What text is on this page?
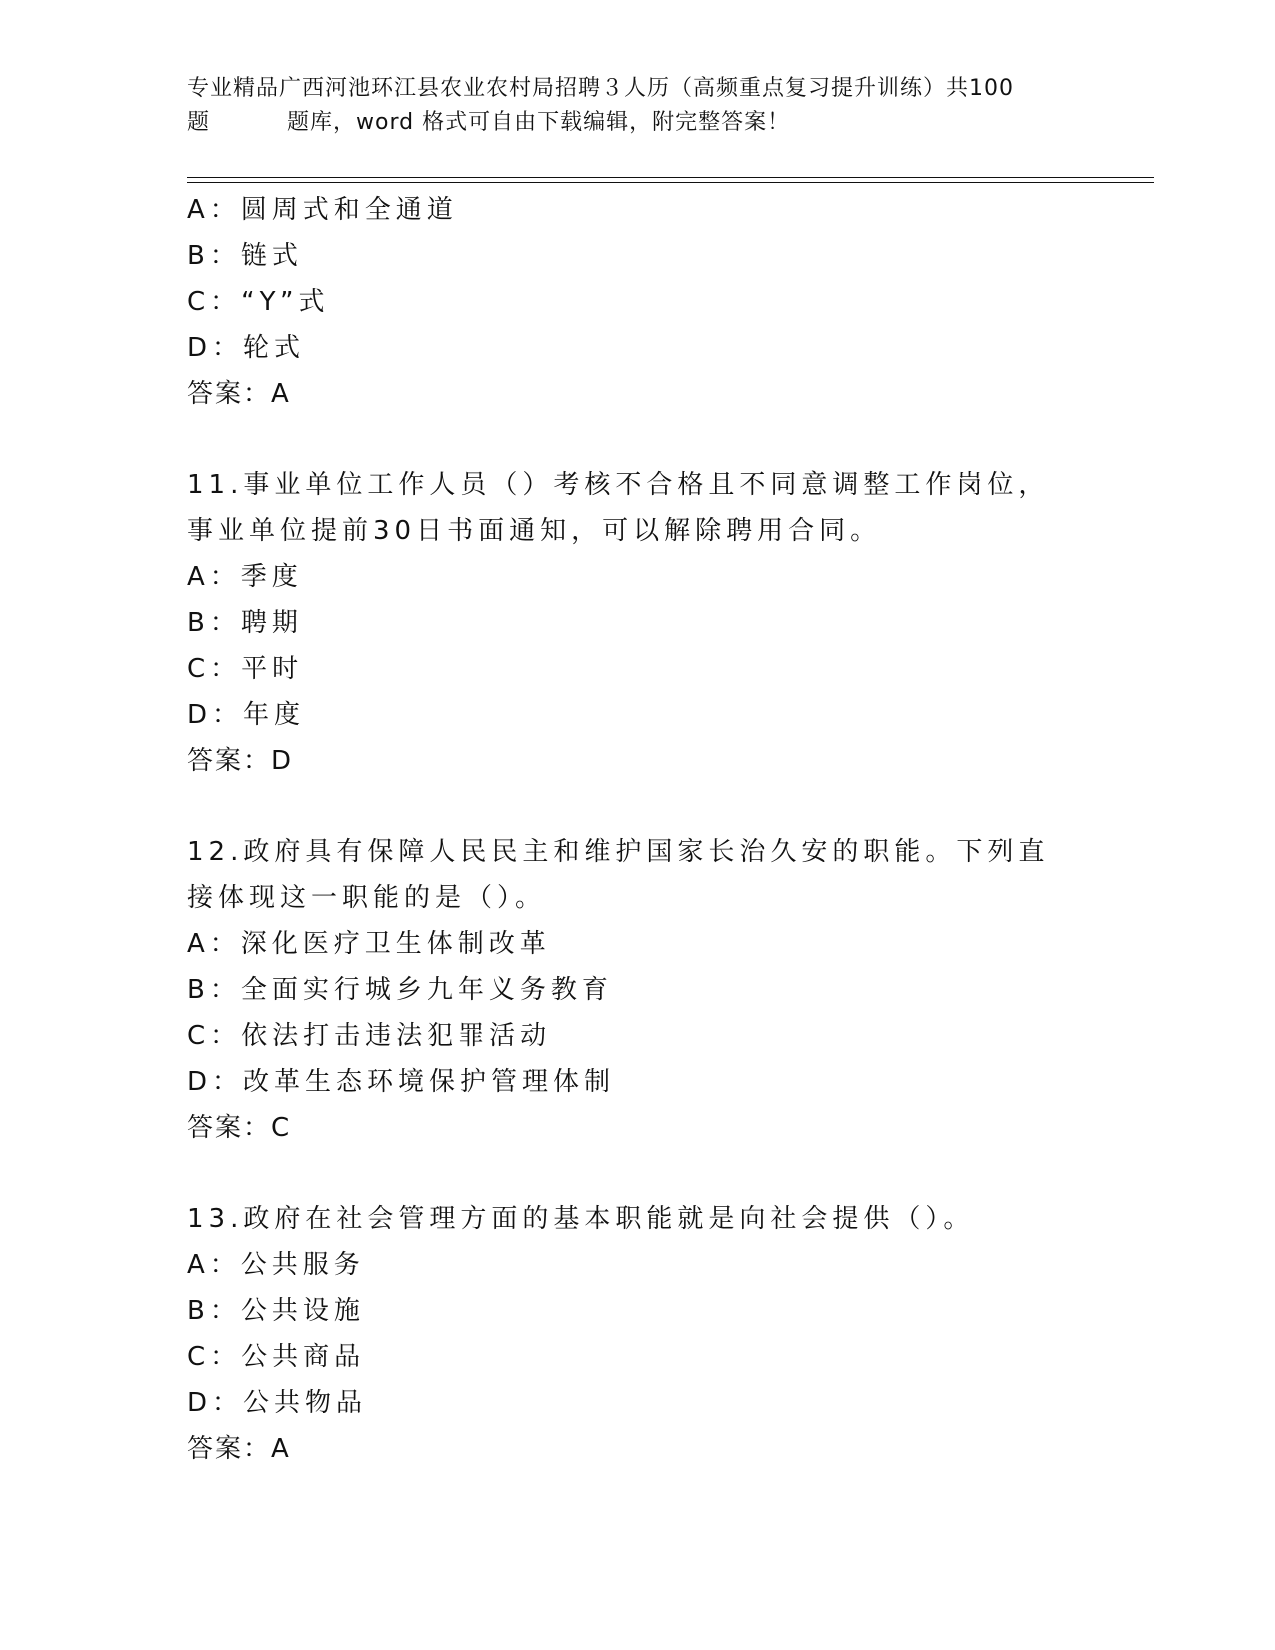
专业精品广西河池环江县农业农村局招聘３人历（高频重点复习提升训练）共100
题	题库，word 格式可自由下载编辑，附完整答案！
A：圆周式和全通道
B：链式
C：“Y”式
D：轮式
答案：A
11.事业单位工作人员（）考核不合格且不同意调整工作岗位，事业单位提前30日书面通知，可以解除聘用合同。
A：季度
B：聘期
C：平时
D：年度
答案：D
12.政府具有保障人民民主和维护国家长治久安的职能。下列直接体现这一职能的是（）。
A：深化医疗卫生体制改革
B：全面实行城乡九年义务教育
C：依法打击违法犯罪活动
D：改革生态环境保护管理体制
答案：C
13.政府在社会管理方面的基本职能就是向社会提供（）。
A：公共服务
B：公共设施
C：公共商品
D：公共物品
答案：A
